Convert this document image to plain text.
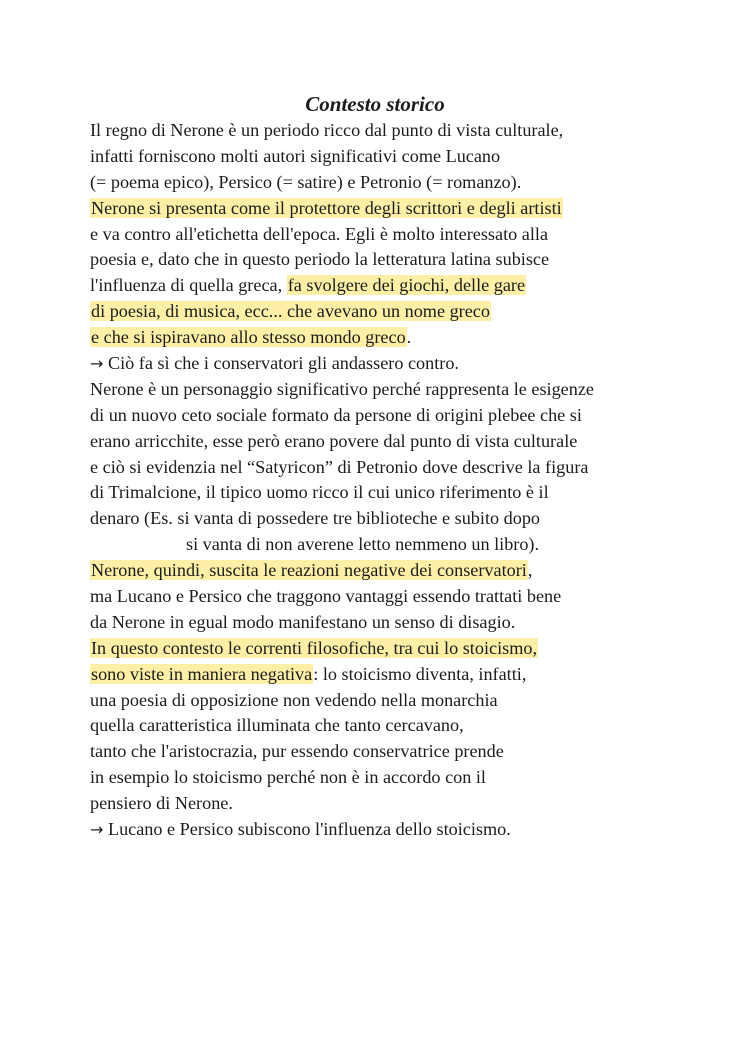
Contesto storico
Il regno di Nerone è un periodo ricco dal punto di vista culturale,
infatti forniscono molti autori significativi come Lucano
(= poema epico), Persico (= satire) e Petronio (= romanzo).
Nerone si presenta come il protettore degli scrittori e degli artisti
e va contro all'etichetta dell'epoca. Egli è molto interessato alla
poesia e, dato che in questo periodo la letteratura latina subisce
l'influenza di quella greca, fa svolgere dei giochi, delle gare
di poesia, di musica, ecc... che avevano un nome greco
e che si ispiravano allo stesso mondo greco.
→ Ciò fa sì che i conservatori gli andassero contro.
Nerone è un personaggio significativo perché rappresenta le esigenze
di un nuovo ceto sociale formato da persone di origini plebee che si
erano arricchite, esse però erano povere dal punto di vista culturale
e ciò si evidenzia nel “Satyricon” di Petronio dove descrive la figura
di Trimalcione, il tipico uomo ricco il cui unico riferimento è il
denaro (Es. si vanta di possedere tre biblioteche e subito dopo
si vanta di non averene letto nemmeno un libro).
Nerone, quindi, suscita le reazioni negative dei conservatori,
ma Lucano e Persico che traggono vantaggi essendo trattati bene
da Nerone in egual modo manifestano un senso di disagio.
In questo contesto le correnti filosofiche, tra cui lo stoicismo,
sono viste in maniera negativa: lo stoicismo diventa, infatti,
una poesia di opposizione non vedendo nella monarchia
quella caratteristica illuminata che tanto cercavano,
tanto che l'aristocrazia, pur essendo conservatrice prende
in esempio lo stoicismo perché non è in accordo con il
pensiero di Nerone.
→ Lucano e Persico subiscono l'influenza dello stoicismo.
